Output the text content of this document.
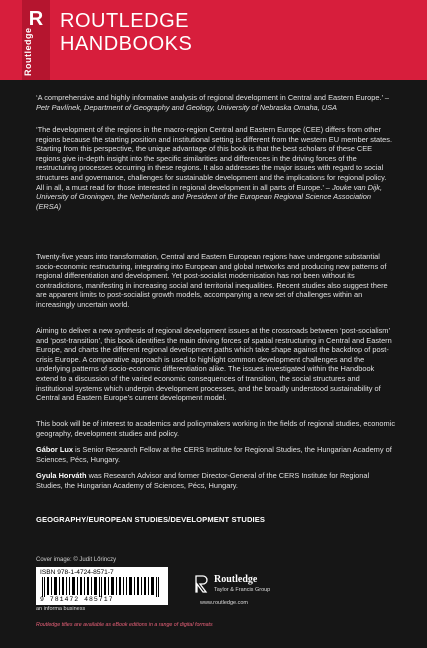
R
Routledge
ROUTLEDGE
HANDBOOKS

‘A comprehensive and highly informative analysis of regional development in Central and Eastern Europe.’ – Petr Pavlínek, Department of Geography and Geology, University of Nebraska Omaha, USA

‘The development of the regions in the macro-region Central and Eastern Europe (CEE) differs from other regions because the starting position and institutional setting is different from the western EU member states. Starting from this perspective, the unique advantage of this book is that the best scholars of these CEE regions give in-depth insight into the specific similarities and differences in the driving forces of the restructuring processes occurring in these regions. It also addresses the major issues with regard to social structures and governance, challenges for sustainable development and the implications for regional policy. All in all, a must read for those interested in regional development in all parts of Europe.’ – Jouke van Dijk, University of Groningen, the Netherlands and President of the European Regional Science Association (ERSA)

Twenty-five years into transformation, Central and Eastern European regions have undergone substantial socio-economic restructuring, integrating into European and global networks and producing new patterns of regional differentiation and development. Yet post-socialist modernisation has not been without its contradictions, manifesting in increasing social and territorial inequalities. Recent studies also suggest there are apparent limits to post-socialist growth models, accompanying a new set of challenges within an increasingly uncertain world.

Aiming to deliver a new synthesis of regional development issues at the crossroads between ‘post-socialism’ and ‘post-transition’, this book identifies the main driving forces of spatial restructuring in Central and Eastern Europe, and charts the different regional development paths which take shape against the backdrop of post-crisis Europe. A comparative approach is used to highlight common development challenges and the underlying patterns of socio-economic differentiation alike. The issues investigated within the Handbook extend to a discussion of the varied economic consequences of transition, the social structures and institutional systems which underpin development processes, and the broadly understood sustainability of Central and Eastern Europe’s current development model.

This book will be of interest to academics and policymakers working in the fields of regional studies, economic geography, development studies and policy.

Gábor Lux is Senior Research Fellow at the CERS Institute for Regional Studies, the Hungarian Academy of Sciences, Pécs, Hungary.

Gyula Horváth was Research Advisor and former Director-General of the CERS Institute for Regional Studies, the Hungarian Academy of Sciences, Pécs, Hungary.

GEOGRAPHY/EUROPEAN STUDIES/DEVELOPMENT STUDIES
Cover image: © Judit Lőrinczy
ISBN 978-1-4724-8571-7
9 781472 485717
an informa business
Routledge
Taylor & Francis Group
www.routledge.com
Routledge titles are available as eBook editions in a range of digital formats
